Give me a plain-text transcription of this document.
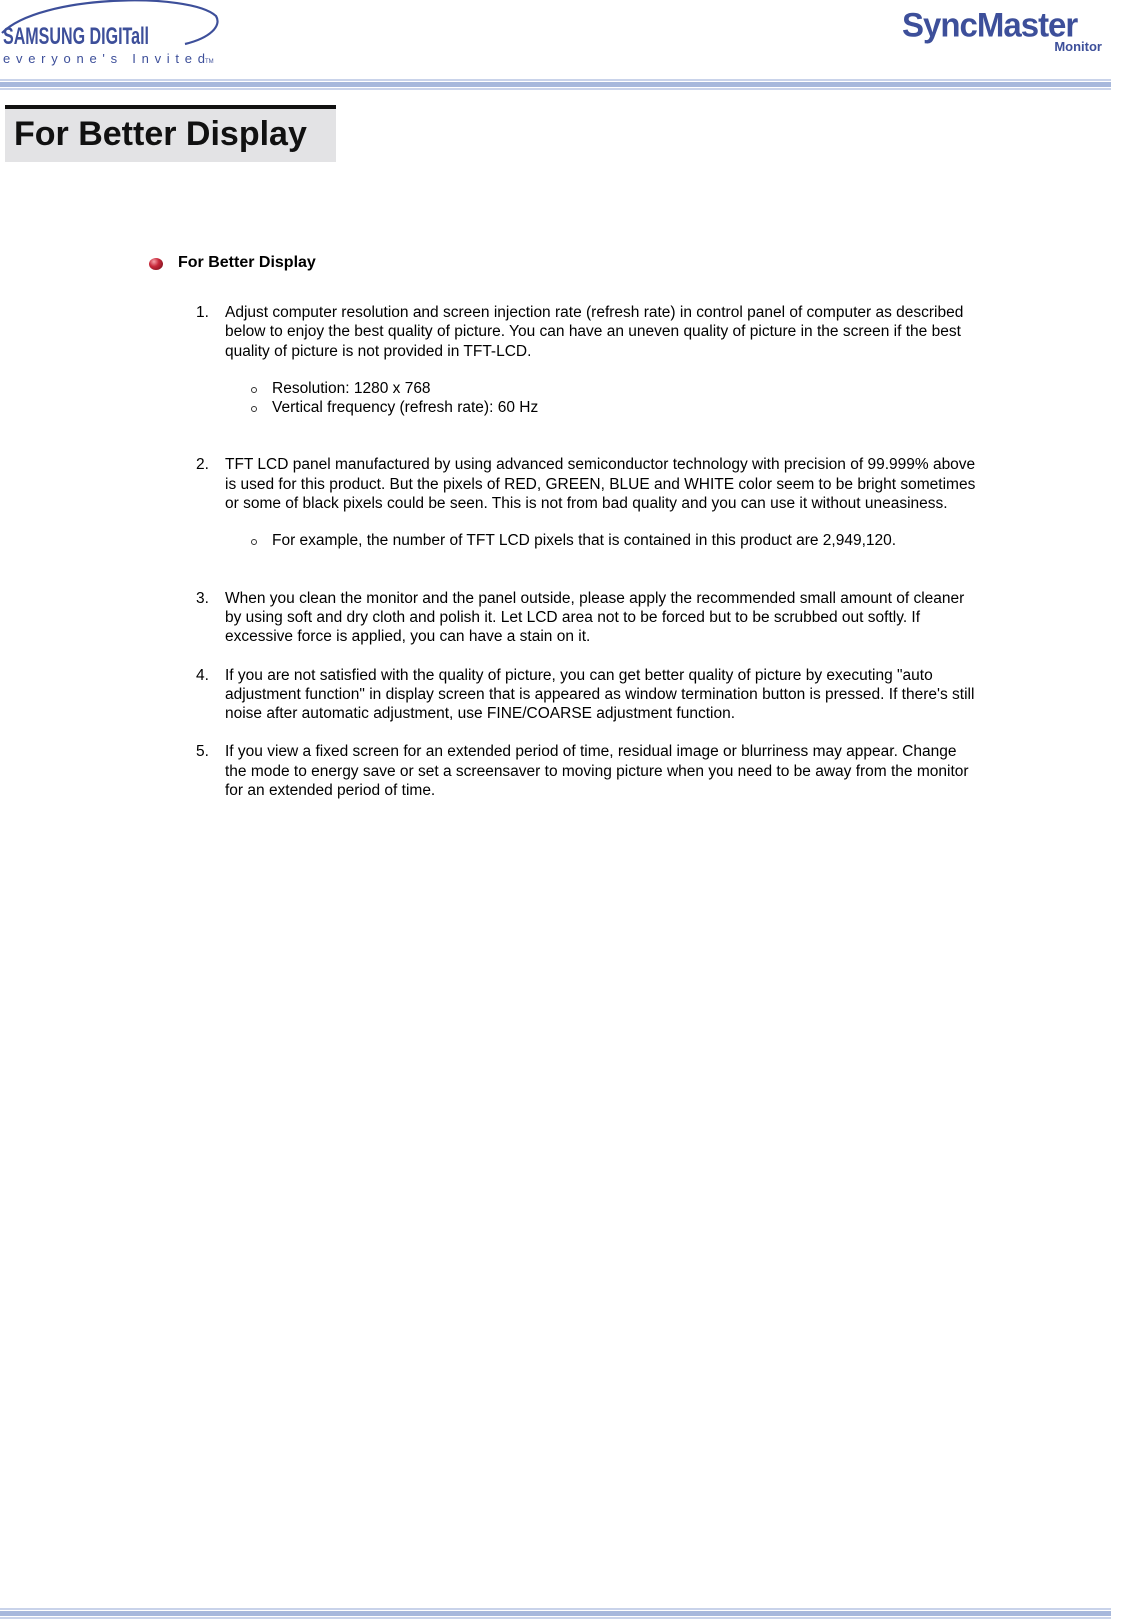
SAMSUNG DIGITall
everyone's Invited TM
SyncMaster
Monitor
For Better Display
For Better Display
1. Adjust computer resolution and screen injection rate (refresh rate) in control panel of computer as described below to enjoy the best quality of picture. You can have an uneven quality of picture in the screen if the best quality of picture is not provided in TFT-LCD.
Resolution: 1280 x 768
Vertical frequency (refresh rate): 60 Hz
2. TFT LCD panel manufactured by using advanced semiconductor technology with precision of 99.999% above is used for this product. But the pixels of RED, GREEN, BLUE and WHITE color seem to be bright sometimes or some of black pixels could be seen. This is not from bad quality and you can use it without uneasiness.
For example, the number of TFT LCD pixels that is contained in this product are 2,949,120.
3. When you clean the monitor and the panel outside, please apply the recommended small amount of cleaner by using soft and dry cloth and polish it. Let LCD area not to be forced but to be scrubbed out softly. If excessive force is applied, you can have a stain on it.
4. If you are not satisfied with the quality of picture, you can get better quality of picture by executing "auto adjustment function" in display screen that is appeared as window termination button is pressed. If there's still noise after automatic adjustment, use FINE/COARSE adjustment function.
5. If you view a fixed screen for an extended period of time, residual image or blurriness may appear. Change the mode to energy save or set a screensaver to moving picture when you need to be away from the monitor for an extended period of time.
